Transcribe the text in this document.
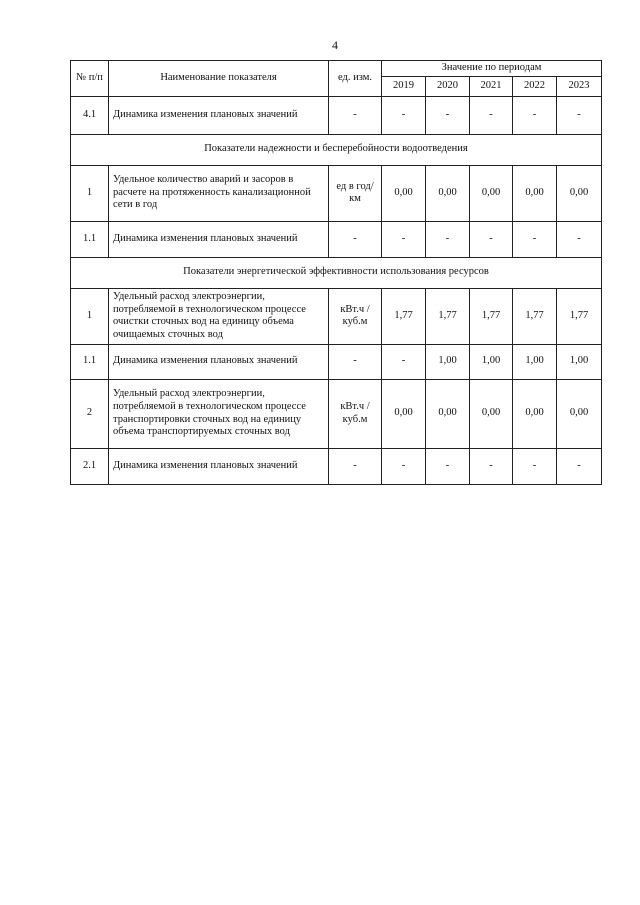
4
№ п/п	Наименование показателя	ед. изм.	Значение по периодам				
			2019	2020	2021	2022	2023
4.1	Динамика изменения плановых значений	-	-	-	-	-	-
Показатели надежности и бесперебойности водоотведения							
1	Удельное количество аварий и засоров в расчете на протяженность канализационной сети в год	ед в год/ км	0,00	0,00	0,00	0,00	0,00
1.1	Динамика изменения плановых значений	-	-	-	-	-	-
Показатели энергетической эффективности использования ресурсов							
1	Удельный расход электроэнергии, потребляемой в технологическом процессе очистки сточных вод на единицу объема очищаемых сточных вод	кВт.ч / куб.м	1,77	1,77	1,77	1,77	1,77
1.1	Динамика изменения плановых значений	-	-	1,00	1,00	1,00	1,00
2	Удельный расход электроэнергии, потребляемой в технологическом процессе транспортировки сточных вод на единицу объема транспортируемых сточных вод	кВт.ч / куб.м	0,00	0,00	0,00	0,00	0,00
2.1	Динамика изменения плановых значений	-	-	-	-	-	-
